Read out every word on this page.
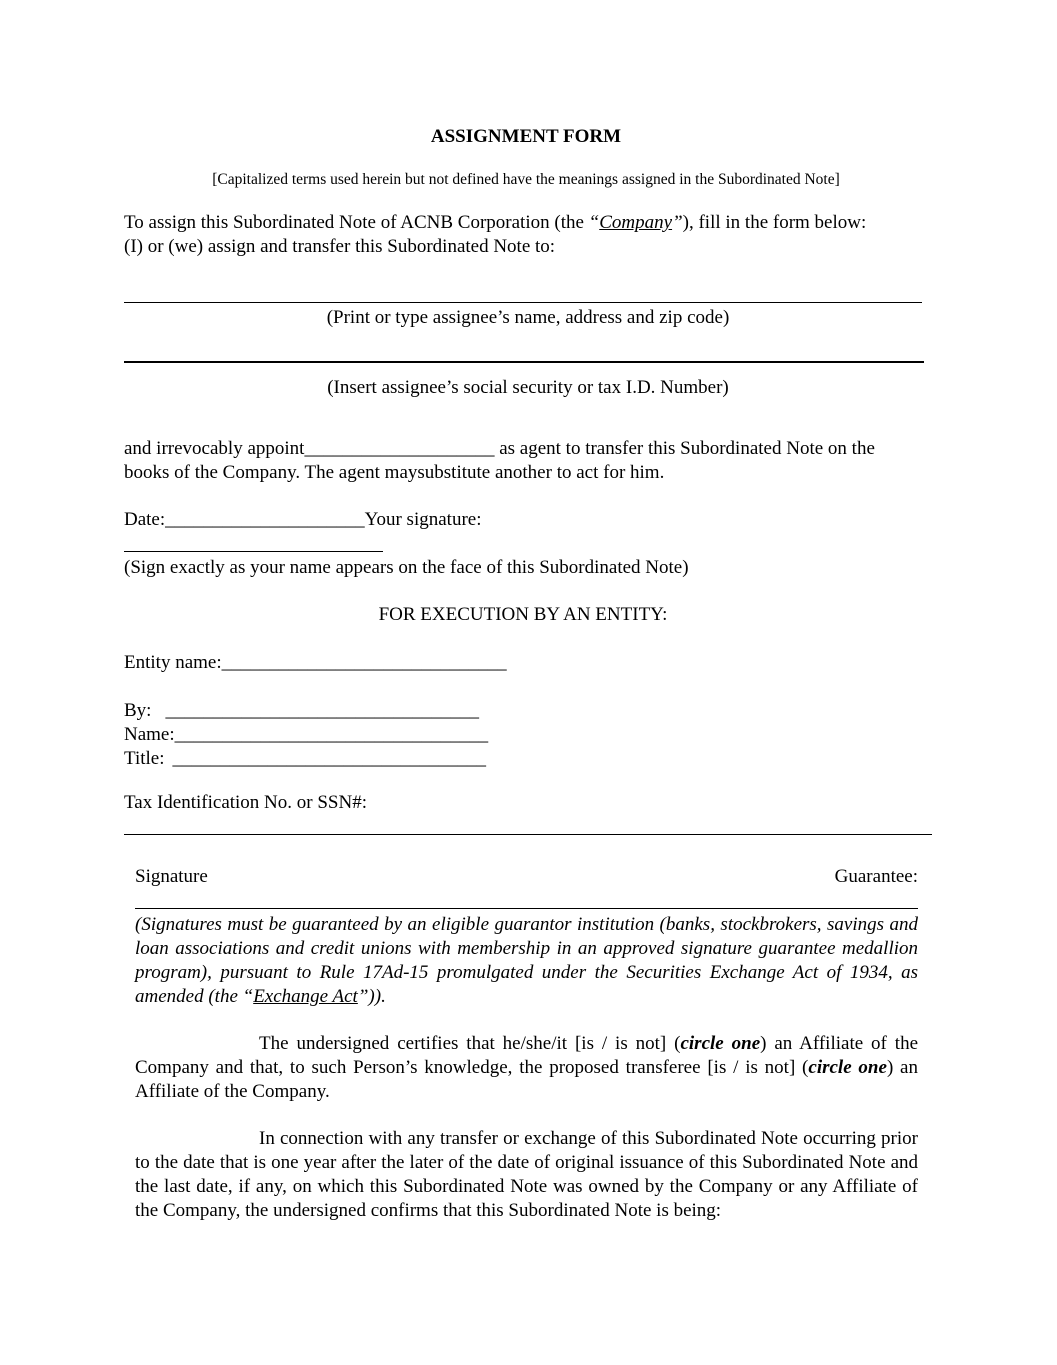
ASSIGNMENT FORM
[Capitalized terms used herein but not defined have the meanings assigned in the Subordinated Note]
To assign this Subordinated Note of ACNB Corporation (the “Company”), fill in the form below: (I) or (we) assign and transfer this Subordinated Note to:
(Print or type assignee’s name, address and zip code)
(Insert assignee’s social security or tax I.D. Number)
and irrevocably appoint____________________ as agent to transfer this Subordinated Note on the books of the Company. The agent maysubstitute another to act for him.
Date:_____________________Your signature:
(Sign exactly as your name appears on the face of this Subordinated Note)
FOR EXECUTION BY AN ENTITY:
Entity name:______________________________
By: _________________________________
Name:_________________________________
Title: _________________________________
Tax Identification No. or SSN#:
Signature	Guarantee:
(Signatures must be guaranteed by an eligible guarantor institution (banks, stockbrokers, savings and loan associations and credit unions with membership in an approved signature guarantee medallion program), pursuant to Rule 17Ad-15 promulgated under the Securities Exchange Act of 1934, as amended (the “Exchange Act”)).
The undersigned certifies that he/she/it [is / is not] (circle one) an Affiliate of the Company and that, to such Person’s knowledge, the proposed transferee [is / is not] (circle one) an Affiliate of the Company.
In connection with any transfer or exchange of this Subordinated Note occurring prior to the date that is one year after the later of the date of original issuance of this Subordinated Note and the last date, if any, on which this Subordinated Note was owned by the Company or any Affiliate of the Company, the undersigned confirms that this Subordinated Note is being:
